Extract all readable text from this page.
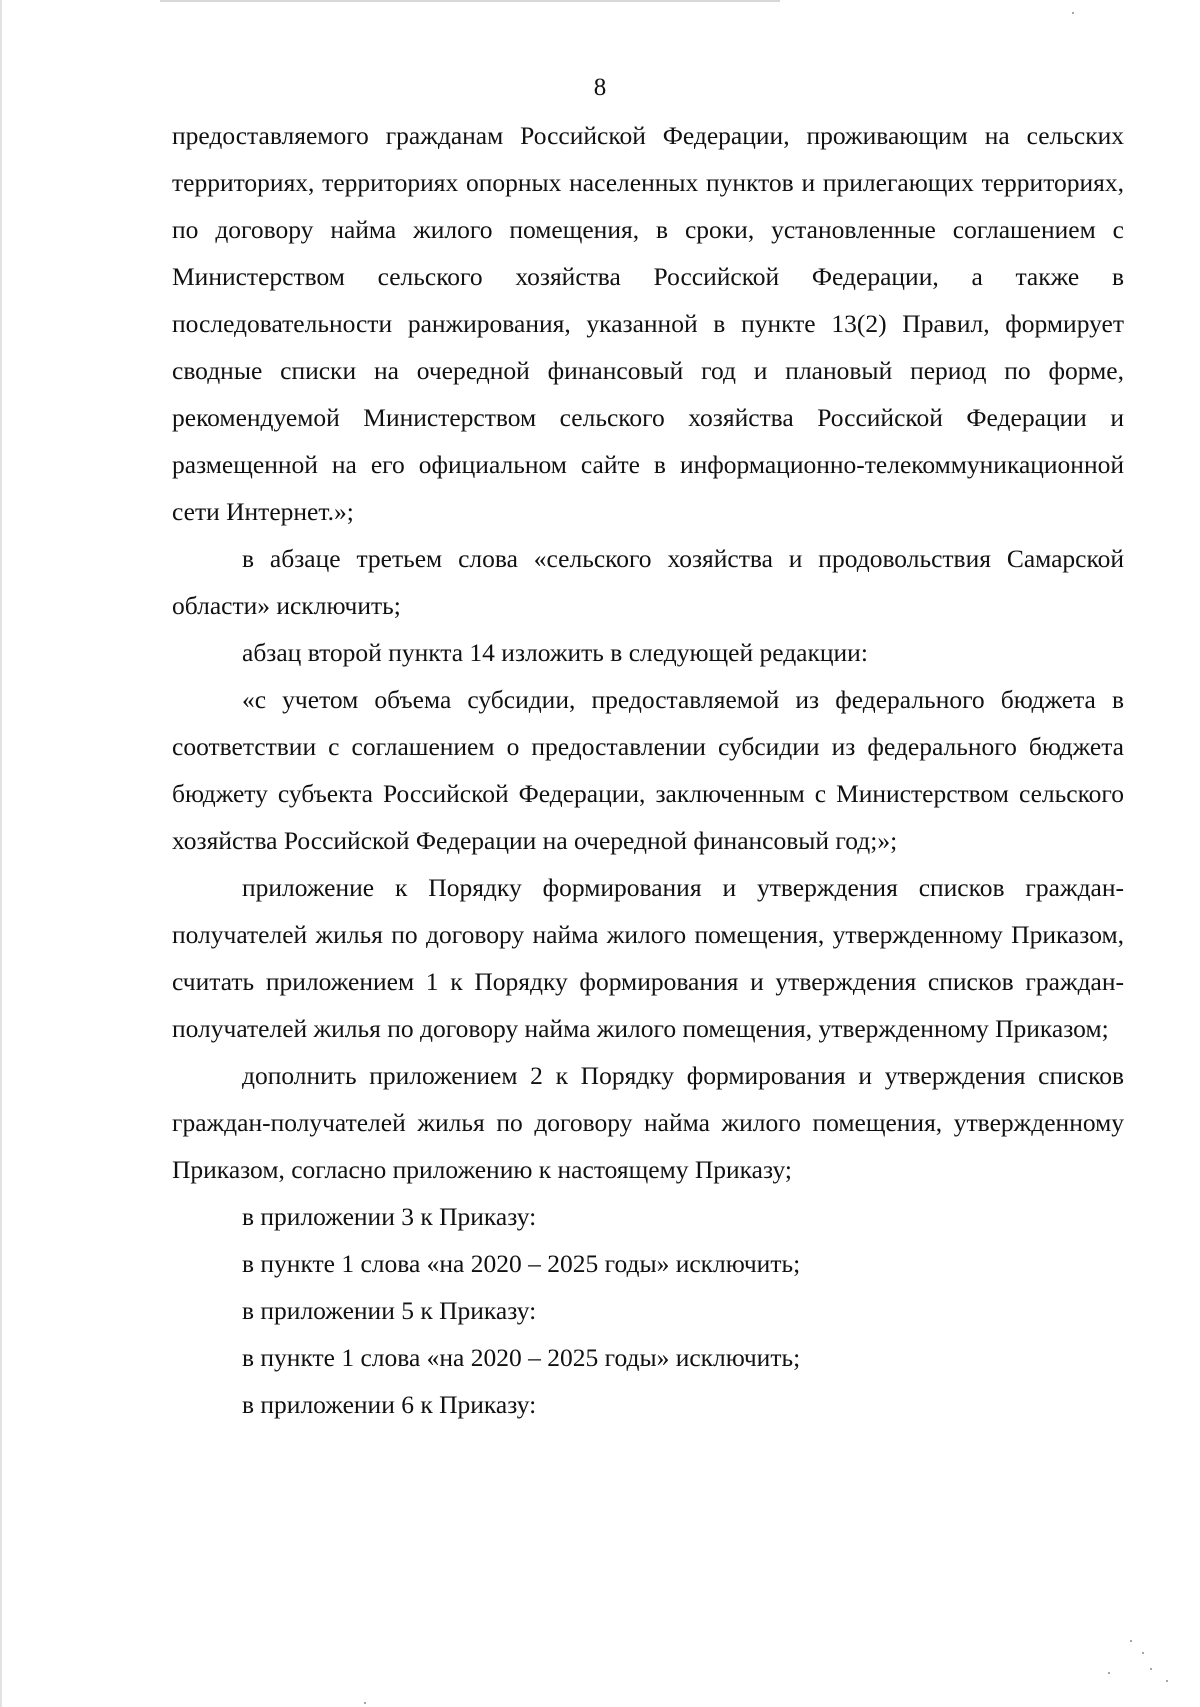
8

предоставляемого гражданам Российской Федерации, проживающим на сельских территориях, территориях опорных населенных пунктов и прилегающих территориях, по договору найма жилого помещения, в сроки, установленные соглашением с Министерством сельского хозяйства Российской Федерации, а также в последовательности ранжирования, указанной в пункте 13(2) Правил, формирует сводные списки на очередной финансовый год и плановый период по форме, рекомендуемой Министерством сельского хозяйства Российской Федерации и размещенной на его официальном сайте в информационно-телекоммуникационной сети Интернет.»;

в абзаце третьем слова «сельского хозяйства и продовольствия Самарской области» исключить;

абзац второй пункта 14 изложить в следующей редакции:

«с учетом объема субсидии, предоставляемой из федерального бюджета в соответствии с соглашением о предоставлении субсидии из федерального бюджета бюджету субъекта Российской Федерации, заключенным с Министерством сельского хозяйства Российской Федерации на очередной финансовый год;»;

приложение к Порядку формирования и утверждения списков граждан-получателей жилья по договору найма жилого помещения, утвержденному Приказом, считать приложением 1 к Порядку формирования и утверждения списков граждан-получателей жилья по договору найма жилого помещения, утвержденному Приказом;

дополнить приложением 2 к Порядку формирования и утверждения списков граждан-получателей жилья по договору найма жилого помещения, утвержденному Приказом, согласно приложению к настоящему Приказу;

в приложении 3 к Приказу:

в пункте 1 слова «на 2020 – 2025 годы» исключить;

в приложении 5 к Приказу:

в пункте 1 слова «на 2020 – 2025 годы» исключить;

в приложении 6 к Приказу:
